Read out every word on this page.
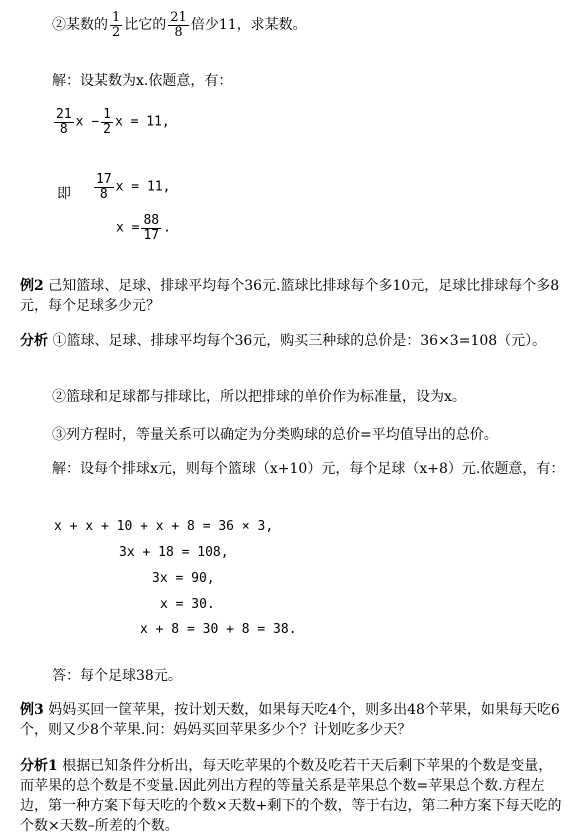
②某数的 $\frac{1}{2}$ 比它的 $\frac{21}{8}$ 倍少11，求某数。
解：设某数为x.依题意，有：
$\frac{21}{8}$ $x - \frac{1}{2}$ x = 11,
即 $\frac{17}{8}$ x = 11,
$x = \frac{88}{17}$ .
例2 己知篮球、足球、排球平均每个36元.篮球比排球每个多10元，足球比排球每个多8元，每个足球多少元？
分析 ①篮球、足球、排球平均每个36元，购买三种球的总价是：36×3=108（元）。
②篮球和足球都与排球比，所以把排球的单价作为标准量，设为x。
③列方程时，等量关系可以确定为分类购球的总价=平均值导出的总价。
解：设每个排球x元，则每个篮球（x+10）元，每个足球（x+8）元.依题意，有：
x + x + 10 + x + 8 = 36 × 3,
3x + 18 = 108,
3x = 90,
x = 30.
x + 8 = 30 + 8 = 38.
答：每个足球38元。
例3 妈妈买回一筐苹果，按计划天数，如果每天吃4个，则多出48个苹果，如果每天吃6个，则又少8个苹果.问：妈妈买回苹果多少个？计划吃多少天？
分析1 根据已知条件分析出，每天吃苹果的个数及吃若干天后剩下苹果的个数是变量，而苹果的总个数是不变量.因此列出方程的等量关系是苹果总个数=苹果总个数.方程左边，第一种方案下每天吃的个数×天数+剩下的个数，等于右边，第二种方案下每天吃的个数×天数–所差的个数。
